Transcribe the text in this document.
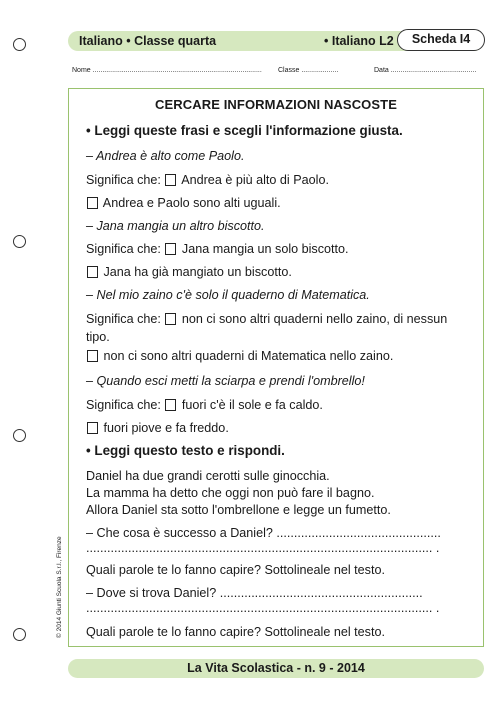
Italiano • Classe quarta	• Italiano L2	Scheda I4
Nome ....................................................................................... Classe ...................	Data ............................................
CERCARE INFORMAZIONI NASCOSTE
• Leggi queste frasi e scegli l'informazione giusta.
– Andrea è alto come Paolo.
Significa che:  Andrea è più alto di Paolo.
Andrea e Paolo sono alti uguali.
– Jana mangia un altro biscotto.
Significa che:  Jana mangia un solo biscotto.
Jana ha già mangiato un biscotto.
– Nel mio zaino c'è solo il quaderno di Matematica.
Significa che:  non ci sono altri quaderni nello zaino, di nessun
tipo.
non ci sono altri quaderni di Matematica nello zaino.
– Quando esci metti la sciarpa e prendi l'ombrello!
Significa che:  fuori c'è il sole e fa caldo.
fuori piove e fa freddo.
• Leggi questo testo e rispondi.
Daniel ha due grandi cerotti sulle ginocchia.
La mamma ha detto che oggi non può fare il bagno.
Allora Daniel sta sotto l'ombrellone e legge un fumetto.
– Che cosa è successo a Daniel? ...............................................
................................................................................................... .
Quali parole te lo fanno capire? Sottolineale nel testo.
– Dove si trova Daniel? ..........................................................
................................................................................................... .
Quali parole te lo fanno capire? Sottolineale nel testo.
© 2014 Giunti Scuola S.r.l., Firenze
La Vita Scolastica - n. 9 - 2014
